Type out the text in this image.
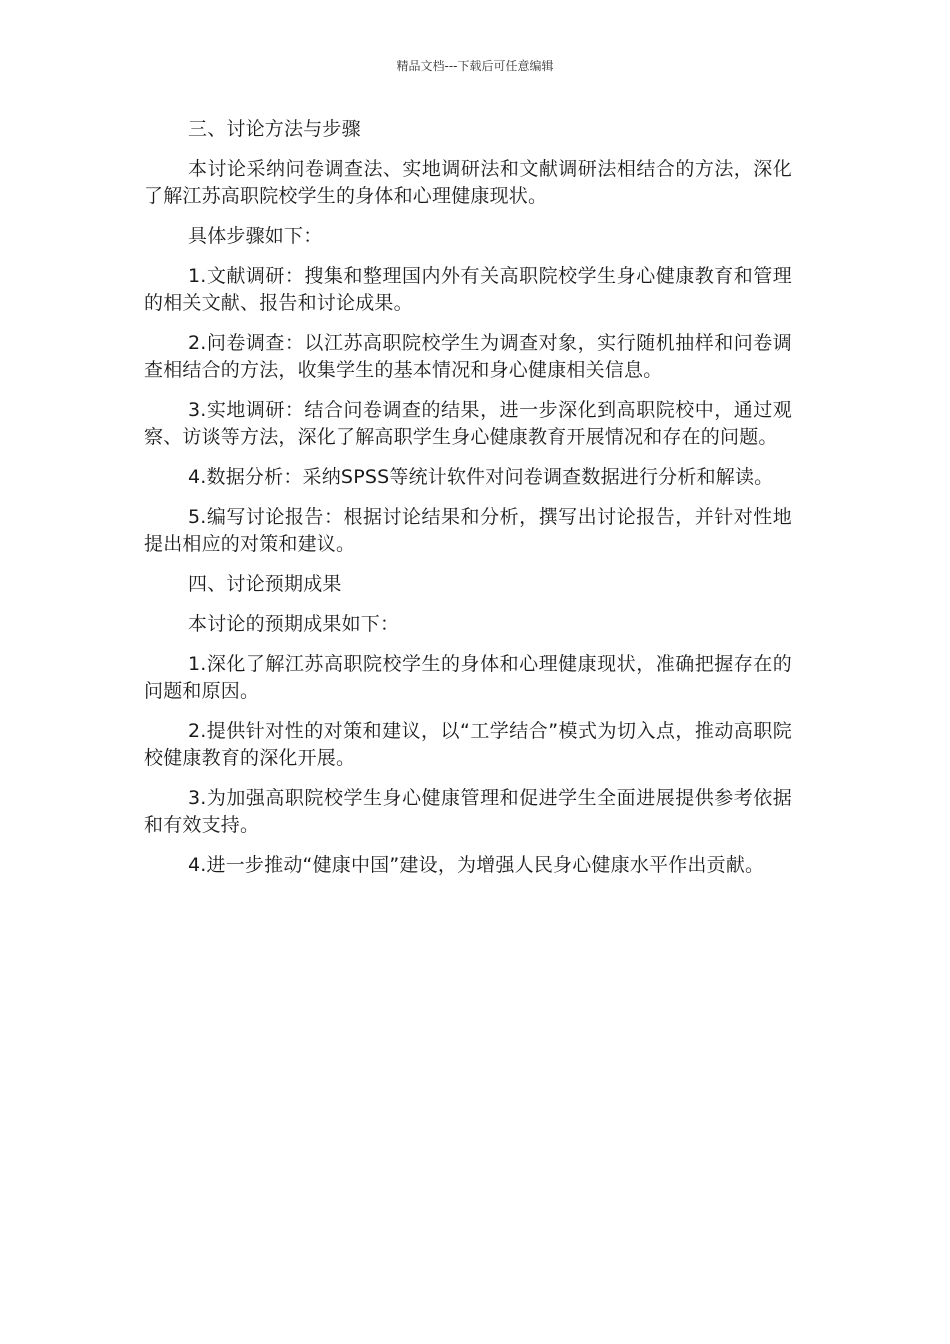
精品文档---下载后可任意编辑

三、讨论方法与步骤

本讨论采纳问卷调查法、实地调研法和文献调研法相结合的方法，深化了解江苏高职院校学生的身体和心理健康现状。

具体步骤如下：

1.文献调研：搜集和整理国内外有关高职院校学生身心健康教育和管理的相关文献、报告和讨论成果。

2.问卷调查：以江苏高职院校学生为调查对象，实行随机抽样和问卷调查相结合的方法，收集学生的基本情况和身心健康相关信息。

3.实地调研：结合问卷调查的结果，进一步深化到高职院校中，通过观察、访谈等方法，深化了解高职学生身心健康教育开展情况和存在的问题。

4.数据分析：采纳SPSS等统计软件对问卷调查数据进行分析和解读。

5.编写讨论报告：根据讨论结果和分析，撰写出讨论报告，并针对性地提出相应的对策和建议。

四、讨论预期成果

本讨论的预期成果如下：

1.深化了解江苏高职院校学生的身体和心理健康现状，准确把握存在的问题和原因。

2.提供针对性的对策和建议，以“工学结合”模式为切入点，推动高职院校健康教育的深化开展。

3.为加强高职院校学生身心健康管理和促进学生全面进展提供参考依据和有效支持。

4.进一步推动“健康中国”建设，为增强人民身心健康水平作出贡献。
